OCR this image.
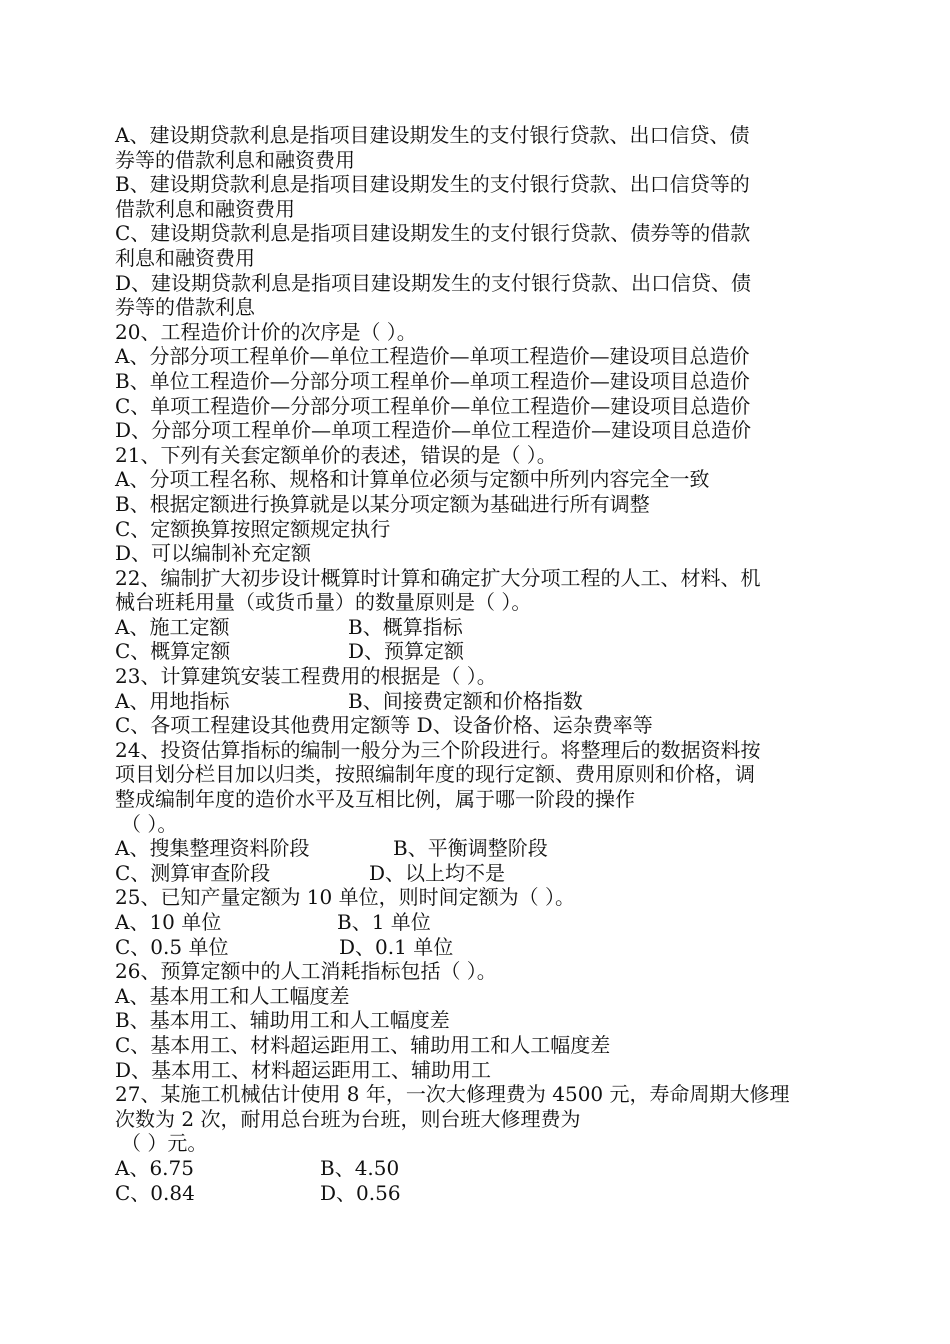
A、建设期贷款利息是指项目建设期发生的支付银行贷款、出口信贷、债
券等的借款利息和融资费用
B、建设期贷款利息是指项目建设期发生的支付银行贷款、出口信贷等的
借款利息和融资费用
C、建设期贷款利息是指项目建设期发生的支付银行贷款、债券等的借款
利息和融资费用
D、建设期贷款利息是指项目建设期发生的支付银行贷款、出口信贷、债
券等的借款利息
20、工程造价计价的次序是（ ）。
A、分部分项工程单价—单位工程造价—单项工程造价—建设项目总造价
B、单位工程造价—分部分项工程单价—单项工程造价—建设项目总造价
C、单项工程造价—分部分项工程单价—单位工程造价—建设项目总造价
D、分部分项工程单价—单项工程造价—单位工程造价—建设项目总造价
21、下列有关套定额单价的表述，错误的是（ ）。
A、分项工程名称、规格和计算单位必须与定额中所列内容完全一致
B、根据定额进行换算就是以某分项定额为基础进行所有调整
C、定额换算按照定额规定执行
D、可以编制补充定额
22、编制扩大初步设计概算时计算和确定扩大分项工程的人工、材料、机
械台班耗用量（或货币量）的数量原则是（ ）。
A、施工定额	B、概算指标
C、概算定额	D、预算定额
23、计算建筑安装工程费用的根据是（ ）。
A、用地指标	B、间接费定额和价格指数
C、各项工程建设其他费用定额等 D、设备价格、运杂费率等
24、投资估算指标的编制一般分为三个阶段进行。将整理后的数据资料按
项目划分栏目加以归类，按照编制年度的现行定额、费用原则和价格，调
整成编制年度的造价水平及互相比例，属于哪一阶段的操作
（ ）。
A、搜集整理资料阶段	B、平衡调整阶段
C、测算审查阶段	D、以上均不是
25、已知产量定额为 10 单位，则时间定额为（ ）。
A、10 单位	B、1 单位
C、0.5 单位	D、0.1 单位
26、预算定额中的人工消耗指标包括（ ）。
A、基本用工和人工幅度差
B、基本用工、辅助用工和人工幅度差
C、基本用工、材料超运距用工、辅助用工和人工幅度差
D、基本用工、材料超运距用工、辅助用工
27、某施工机械估计使用 8 年，一次大修理费为 4500 元，寿命周期大修理
次数为 2 次，耐用总台班为台班，则台班大修理费为
（ ）元。
A、6.75	B、4.50
C、0.84	D、0.56
